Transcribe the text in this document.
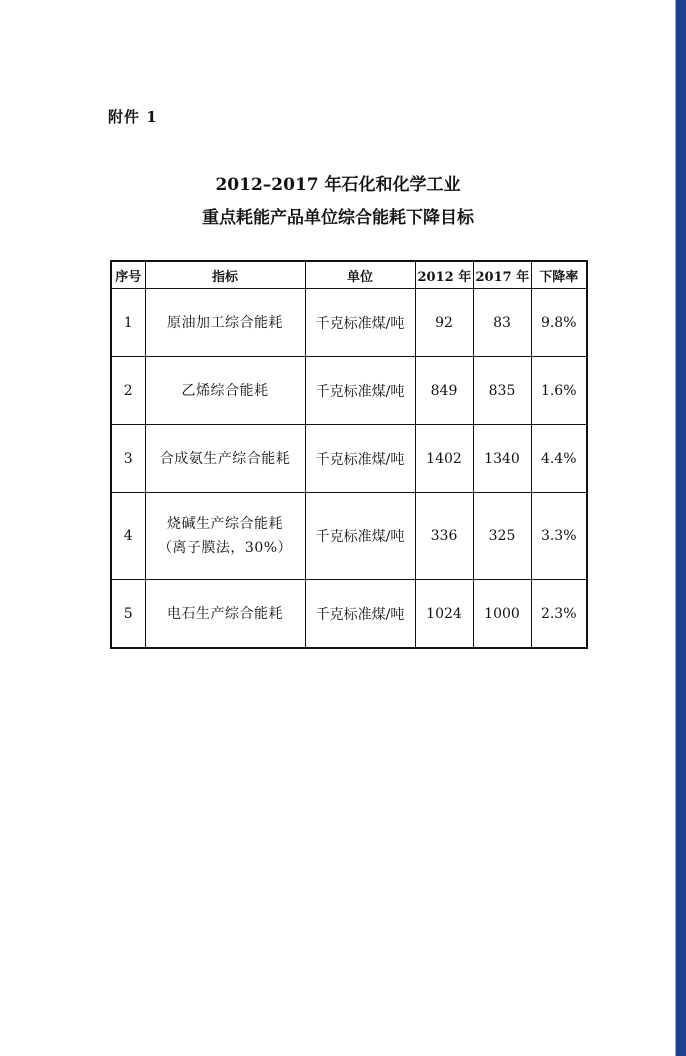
附件 1
2012–2017 年石化和化学工业
重点耗能产品单位综合能耗下降目标
序号	指标	单位	2012 年	2017 年	下降率
1	原油加工综合能耗	千克标准煤/吨	92	83	9.8%
2	乙烯综合能耗	千克标准煤/吨	849	835	1.6%
3	合成氨生产综合能耗	千克标准煤/吨	1402	1340	4.4%
4	烧碱生产综合能耗
（离子膜法，30%）	千克标准煤/吨	336	325	3.3%
5	电石生产综合能耗	千克标准煤/吨	1024	1000	2.3%
